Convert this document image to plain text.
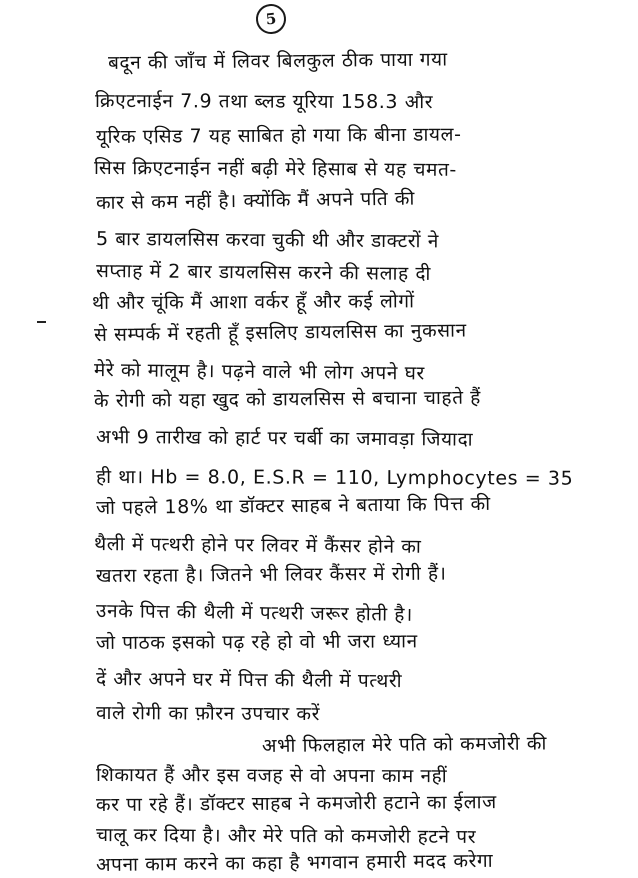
5
बदून की जाँच में लिवर बिलकुल ठीक पाया गया
क्रिएटनाईन 7.9 तथा ब्लड यूरिया 158.3 और
यूरिक एसिड 7 यह साबित हो गया कि बीना डायल-
सिस क्रिएटनाईन नहीं बढ़ी मेरे हिसाब से यह चमत-
कार से कम नहीं है। क्योंकि मैं अपने पति की
5 बार डायलसिस करवा चुकी थी और डाक्टरों ने
सप्ताह में 2 बार डायलसिस करने की सलाह दी
थी और चूंकि मैं आशा वर्कर हूँ और कई लोगों
से सम्पर्क में रहती हूँ इसलिए डायलसिस का नुकसान
मेरे को मालूम है। पढ़ने वाले भी लोग अपने घर
के रोगी को यहा खुद को डायलसिस से बचाना चाहते हैं
अभी 9 तारीख को हार्ट पर चर्बी का जमावड़ा जियादा
ही था। Hb = 8.0, E.S.R = 110, Lymphocytes = 35
जो पहले 18% था डॉक्टर साहब ने बताया कि पित्त की
थैली में पत्थरी होने पर लिवर में कैंसर होने का
खतरा रहता है। जितने भी लिवर कैंसर में रोगी हैं।
उनके पित्त की थैली में पत्थरी जरूर होती है।
जो पाठक इसको पढ़ रहे हो वो भी जरा ध्यान
दें और अपने घर में पित्त की थैली में पत्थरी
वाले रोगी का फ़ौरन उपचार करें
अभी फिलहाल मेरे पति को कमजोरी की
शिकायत हैं और इस वजह से वो अपना काम नहीं
कर पा रहे हैं। डॉक्टर साहब ने कमजोरी हटाने का ईलाज
चालू कर दिया है। और मेरे पति को कमजोरी हटने पर
अपना काम करने का कहा है भगवान हमारी मदद करेगा
